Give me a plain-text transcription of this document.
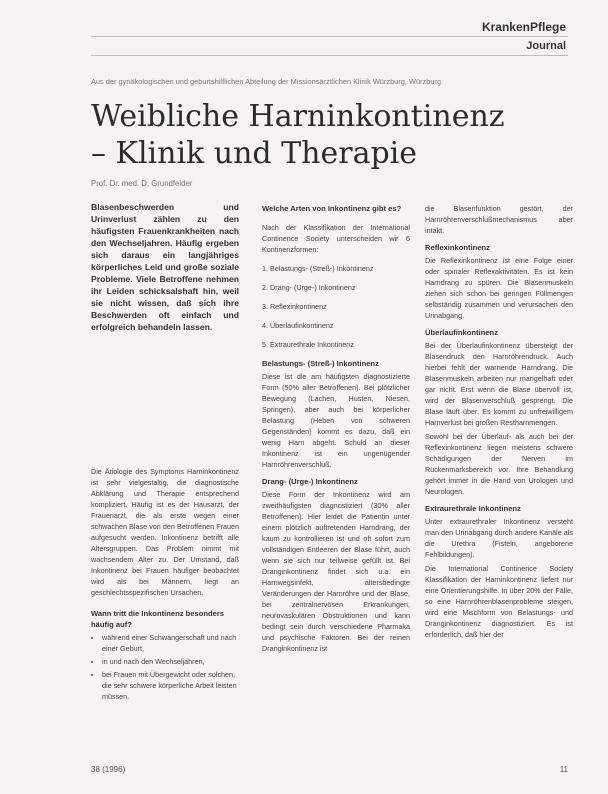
KrankenPflege
Journal
Aus der gynäkologischen und geburtshilflichen Abteilung der Missionsärztlichen Klinik Würzburg, Würzburg
Weibliche Harninkontinenz
– Klinik und Therapie
Prof. Dr. med. D. Grundfelder
Blasenbeschwerden und Urinverlust zählen zu den häufigsten Frauenkrankheiten nach den Wechseljahren. Häufig ergeben sich daraus ein langjähriges körperliches Leid und große soziale Probleme. Viele Betroffene nehmen ihr Leiden schicksalshaft hin, weil sie nicht wissen, daß sich ihre Beschwerden oft einfach und erfolgreich behandeln lassen.

Die Ätiologie des Symptoms Harninkontinenz ist sehr vielgestaltig, die diagnostische Abklärung und Therapie entsprechend kompliziert. Häufig ist es der Hausarzt, der Frauenarzt, die als erste wegen einer schwachen Blase von den Betroffenen Frauen aufgesucht werden. Inkontinenz betrifft alle Altersgruppen. Das Problem nimmt mit wachsendem Alter zu. Der Umstand, daß Inkontinenz bei Frauen häufiger beobachtet wird als bei Männern, liegt an geschlechtsspezifischen Ursachen.

Wann tritt die Inkontinenz besonders häufig auf?
• während einer Schwangerschaft und nach einer Geburt,
• in und nach den Wechseljahren,
• bei Frauen mit Übergewicht oder solchen, die sehr schwere körperliche Arbeit leisten müssen.
Welche Arten von Inkontinenz gibt es?

Nach der Klassifikation der International Continence Society unterscheiden wir 6 Kontinenzformen:

1. Belastungs- (Streß-) Inkontinenz
2. Drang- (Urge-) Inkontinenz
3. Reflexinkontinenz
4. Überlaufinkontinenz
5. Extraurethrale Inkontinenz
Belastungs- (Streß-) Inkontinenz

Diese ist die am häufigsten diagnostizierte Form (50% aller Betroffenen). Bei plötzlicher Bewegung (Lachen, Husten, Niesen, Springen), aber auch bei körperlicher Belastung (Heben von schweren Gegenständen) kommt es dazu, daß ein wenig Harn abgeht. Schuld an dieser Inkontinenz ist ein ungenügender Harnröhrenverschluß.

Drang- (Urge-) Inkontinenz

Diese Form der Inkontinenz wird am zweithäufigsten diagnostiziert (30% aller Betroffenen). Hier leidet die Patientin unter einem plötzlich auftretenden Harndrang, der kaum zu kontrollieren ist und oft sofort zum vollständigen Entleeren der Blase führt, auch wenn sie sich nur teilweise gefüllt ist. Bei Dranginkontinenz findet sich u.a. ein Harnwegsinfekt, altersbedingte Veränderungen der Harnröhre und der Blase, bei zentralnervösen Erkrankungen, neurovaskulären Obstruktionen und kann bedingt sein durch verschiedene Pharmaka und psychische Faktoren. Bei der reinen Dranginkontinenz ist

die Blasenfunktion gestört, der Harnröhrenverschlußmechanismus aber intakt.

Reflexinkontinenz

Die Reflexinkontinenz ist eine Folge einer oder spinaler Reflexaktivitäten. Es ist kein Harndrang zu spüren. Die Blasenmuskeln ziehen sich schon bei geringen Füllmengen selbständig zusammen und verursachen den Urinabgang.

Überlaufinkontinenz

Bei der Überlaufinkontinenz übersteigt der Blasendruck den Harnröhrendruck. Auch hierbei fehlt der warnende Harndrang. Die Blasenmuskeln arbeiten nur mangelhaft oder gar nicht. Erst wenn die Blase übervoll ist, wird der Blasenverschluß gesprengt. Die Blase läuft über. Es kommt zu unfreiwilligem Harnverlust bei großen Restharnmengen.

Sowohl bei der Überlauf- als auch bei der Reflexinkontinenz liegen meistens schwere Schädigungen der Nerven im Rückenmarksbereich vor. Ihre Behandlung gehört immer in die Hand von Urologen und Neurologen.

Extraurethrale Inkontinenz

Unter extraurethraler Inkontinenz versteht man den Urinabgang durch andere Kanäle als die Urethra (Fisteln, angeborene Fehlbildungen).

Die International Continence Society Klassifikation der Harninkontinenz liefert nur eine Orientierungshilfe. In über 20% der Fälle, so eine Harnröhrenblasenprobleme steigen, wird eine Mischform von Belastungs- und Dranginkontinenz diagnostiziert. Es ist erforderlich, daß hier der

38 (1996)	11
